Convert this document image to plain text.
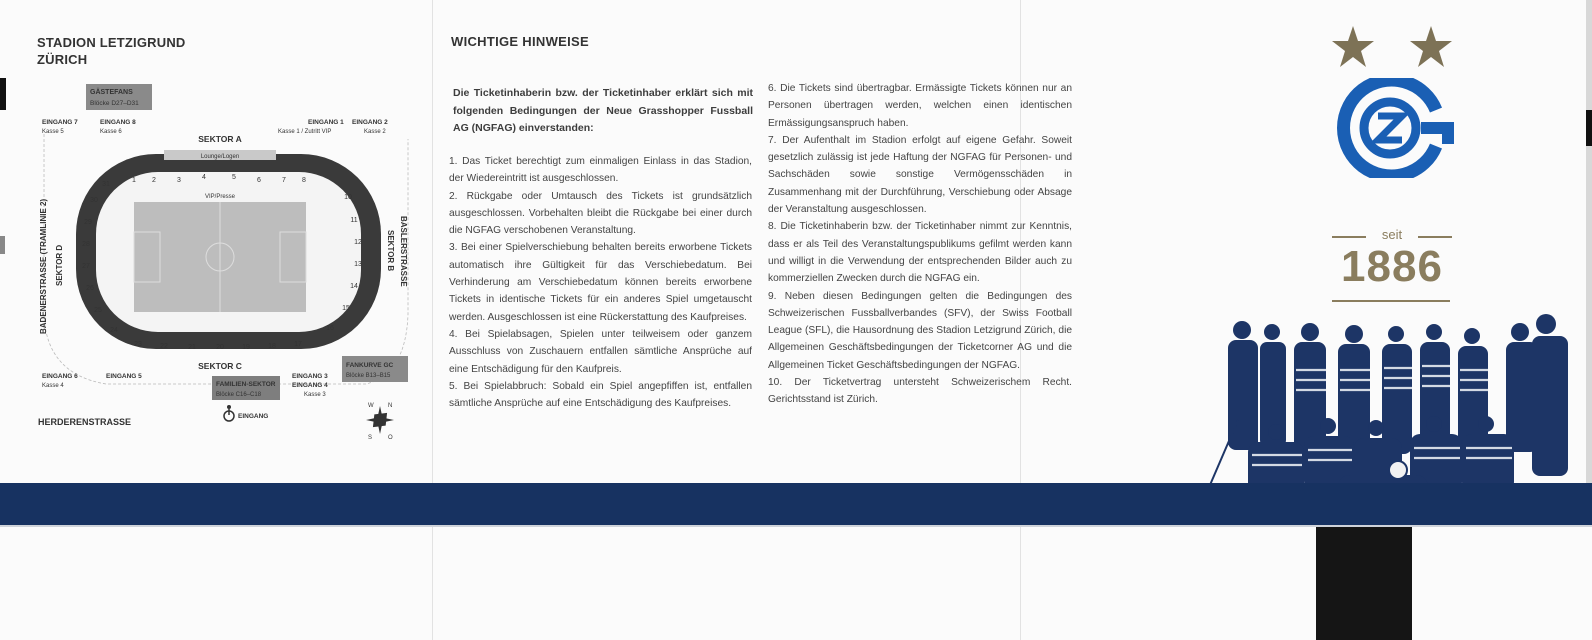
STADION LETZIGRUND
ZÜRICH
Lounge/Logen
VIP/Presse
1 2	3	4	5	6	7 8
23	22	21	20	19	18	17
10
11
12
13
14
15
16
31
30
29
28
27
26
25
24
GÄSTEFANS
Blöcke D27–D31
EINGANG 7
Kasse 5
EINGANG 8
Kasse 6
EINGANG 1
Kasse 1 / Zutritt VIP
EINGANG 2
Kasse 2
SEKTOR A
BADENERSTRASSE (TRAMLINIE 2) SEKTOR D	SEKTOR B BASLERSTRASSE
SEKTOR C
EINGANG 6
Kasse 4
EINGANG 5	EINGANG 3
EINGANG 4
Kasse 3
FAMILIEN-SEKTOR
Blöcke C16–C18
FANKURVE GC
Blöcke B13–B15
EINGANG
W N
S	O
HERDERENSTRASSE
WICHTIGE HINWEISE
Die Ticketinhaberin bzw. der Ticketinhaber erklärt sich mit folgenden Bedingungen der Neue Grasshopper Fussball AG (NGFAG) einverstanden:

1. Das Ticket berechtigt zum einmaligen Einlass in das Stadion, der Wiedereintritt ist ausgeschlossen.

2. Rückgabe oder Umtausch des Tickets ist grundsätzlich ausgeschlossen. Vorbehalten bleibt die Rückgabe bei einer durch die NGFAG verschobenen Veranstaltung.

3. Bei einer Spielverschiebung behalten bereits erworbene Tickets automatisch ihre Gültigkeit für das Verschiebedatum. Bei Verhinderung am Verschiebedatum können bereits erworbene Tickets in identische Tickets für ein anderes Spiel umgetauscht werden. Ausgeschlossen ist eine Rückerstattung des Kaufpreises.

4. Bei Spielabsagen, Spielen unter teilweisem oder ganzem Ausschluss von Zuschauern entfallen sämtliche Ansprüche auf eine Entschädigung für den Kaufpreis.

5. Bei Spielabbruch: Sobald ein Spiel angepfiffen ist, entfallen sämtliche Ansprüche auf eine Entschädigung des Kaufpreises.

6. Die Tickets sind übertragbar. Ermässigte Tickets können nur an Personen übertragen werden, welchen einen identischen Ermässigungsanspruch haben.

7. Der Aufenthalt im Stadion erfolgt auf eigene Gefahr. Soweit gesetzlich zulässig ist jede Haftung der NGFAG für Personen- und Sachschäden sowie sonstige Vermögensschäden in Zusammenhang mit der Durchführung, Verschiebung oder Absage der Veranstaltung ausgeschlossen.

8. Die Ticketinhaberin bzw. der Ticketinhaber nimmt zur Kenntnis, dass er als Teil des Veranstaltungspublikums gefilmt werden kann und willigt in die Verwendung der entsprechenden Bilder auch zu kommerziellen Zwecken durch die NGFAG ein.

9. Neben diesen Bedingungen gelten die Bedingungen des Schweizerischen Fussballverbandes (SFV), der Swiss Football League (SFL), die Hausordnung des Stadion Letzigrund Zürich, die Allgemeinen Geschäftsbedingungen der Ticketcorner AG und die Allgemeinen Ticket Geschäftsbedingungen der NGFAG.

10. Der Ticketvertrag untersteht Schweizerischem Recht. Gerichtsstand ist Zürich.

seit
1886
